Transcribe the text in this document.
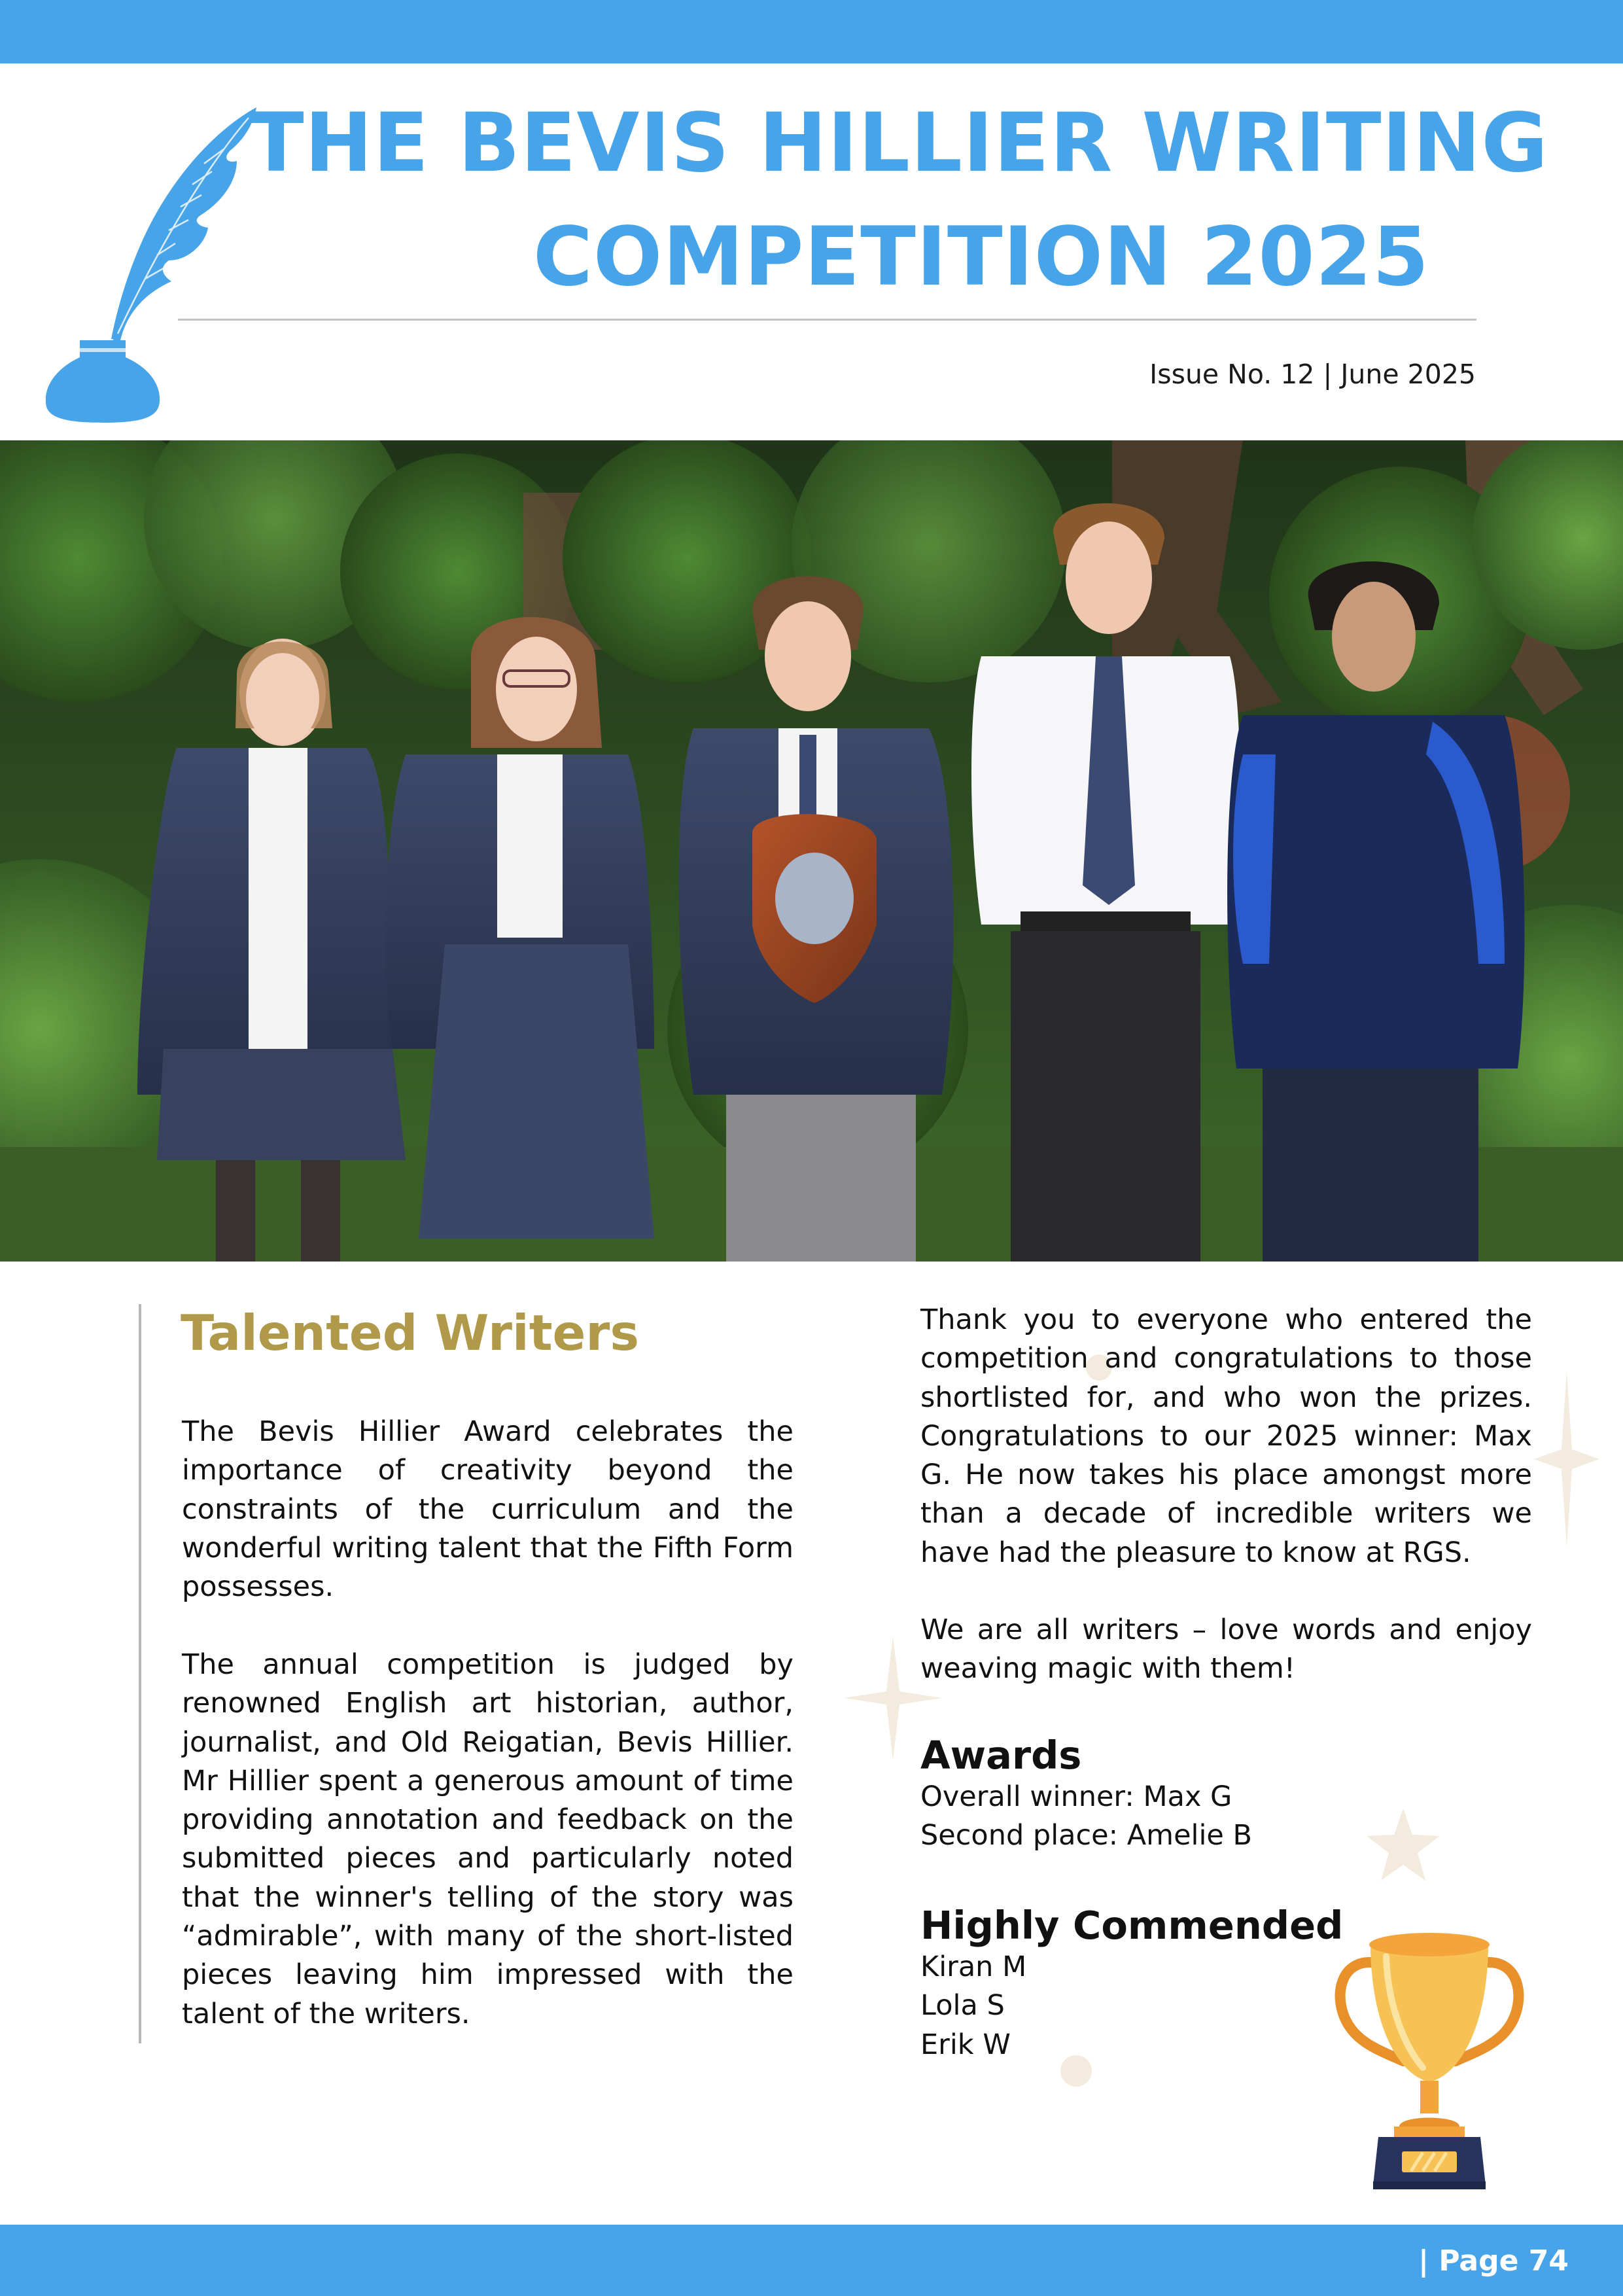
THE BEVIS HILLIER WRITING
COMPETITION 2025
Issue No. 12 | June 2025
Talented Writers

The Bevis Hillier Award celebrates the importance of creativity beyond the constraints of the curriculum and the wonderful writing talent that the Fifth Form possesses.

The annual competition is judged by renowned English art historian, author, journalist, and Old Reigatian, Bevis Hillier. Mr Hillier spent a generous amount of time providing annotation and feedback on the submitted pieces and particularly noted that the winner's telling of the story was “admirable”, with many of the short-listed pieces leaving him impressed with the talent of the writers.

Thank you to everyone who entered the competition and congratulations to those shortlisted for, and who won the prizes. Congratulations to our 2025 winner: Max G. He now takes his place amongst more than a decade of incredible writers we have had the pleasure to know at RGS.

We are all writers – love words and enjoy weaving magic with them!

Awards
Overall winner: Max G
Second place: Amelie B
Highly Commended
Kiran M
Lola S
Erik W
| Page 74
